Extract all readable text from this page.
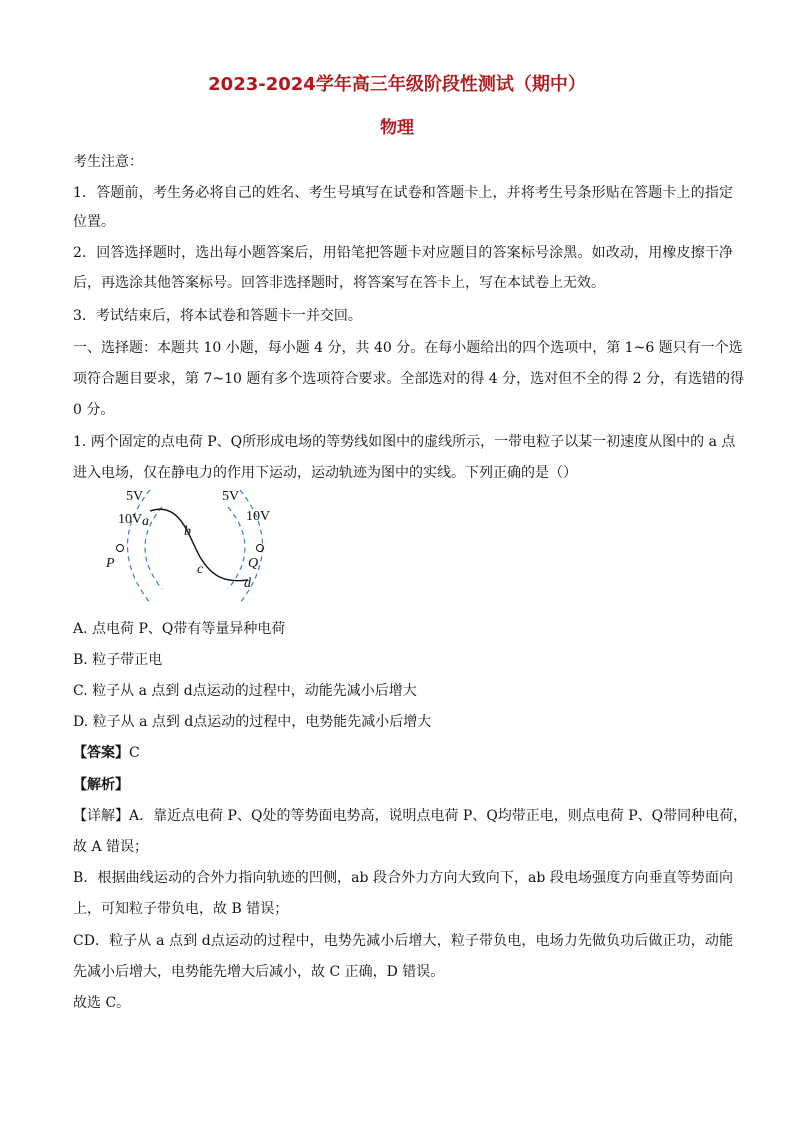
2023-2024学年高三年级阶段性测试（期中）
物理
考生注意：
1．答题前，考生务必将自己的姓名、考生号填写在试卷和答题卡上，并将考生号条形贴在答题卡上的指定
位置。
2．回答选择题时，选出每小题答案后，用铅笔把答题卡对应题目的答案标号涂黑。如改动，用橡皮擦干净
后，再选涂其他答案标号。回答非选择题时，将答案写在答卡上，写在本试卷上无效。
3．考试结束后，将本试卷和答题卡一并交回。
一、选择题：本题共 10 小题，每小题 4 分，共 40 分。在每小题给出的四个选项中，第 1~6 题只有一个选
项符合题目要求，第 7~10 题有多个选项符合要求。全部选对的得 4 分，选对但不全的得 2 分，有选错的得
0 分。
1. 两个固定的点电荷 P、Q所形成电场的等势线如图中的虚线所示，一带电粒子以某一初速度从图中的 a 点
进入电场，仅在静电力的作用下运动，运动轨迹为图中的实线。下列正确的是（）
5V
10V
5V
10V
a
b
c
d
P	Q
A. 点电荷 P、Q带有等量异种电荷
B. 粒子带正电
C. 粒子从 a 点到 d点运动的过程中，动能先减小后增大
D. 粒子从 a 点到 d点运动的过程中，电势能先减小后增大
【答案】C
【解析】
【详解】A．靠近点电荷 P、Q处的等势面电势高，说明点电荷 P、Q均带正电，则点电荷 P、Q带同种电荷，
故 A 错误；
B．根据曲线运动的合外力指向轨迹的凹侧，ab 段合外力方向大致向下，ab 段电场强度方向垂直等势面向
上，可知粒子带负电，故 B 错误；
CD．粒子从 a 点到 d点运动的过程中，电势先减小后增大，粒子带负电，电场力先做负功后做正功，动能
先减小后增大，电势能先增大后减小，故 C 正确，D 错误。
故选 C。
